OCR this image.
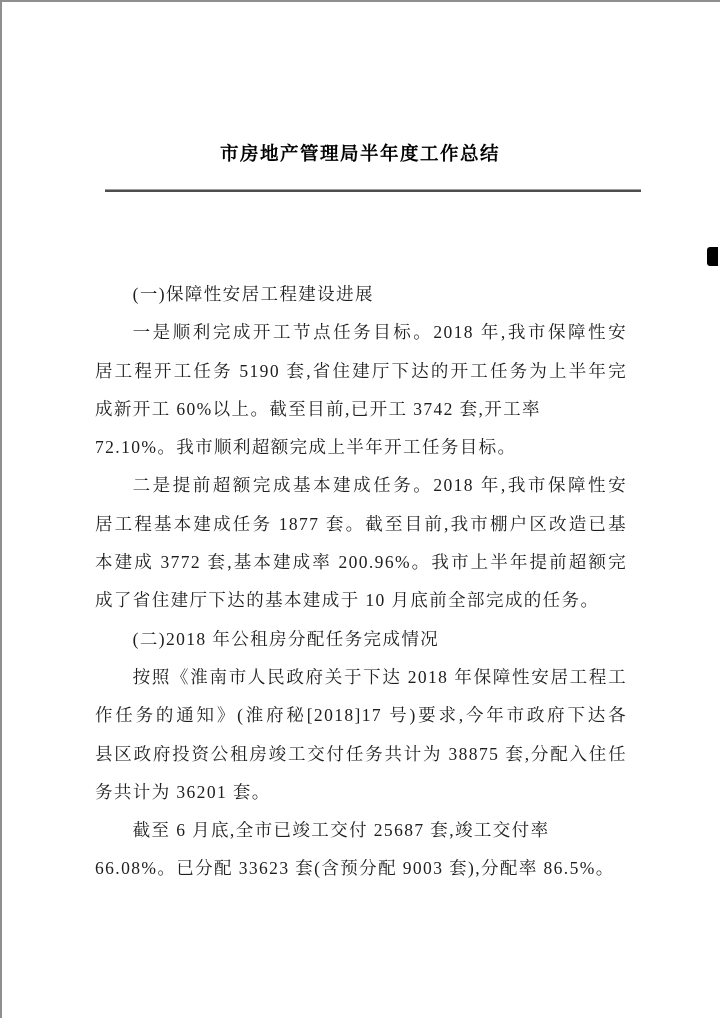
市房地产管理局半年度工作总结
(一)保障性安居工程建设进展
一是顺利完成开工节点任务目标。2018 年,我市保障性安
居工程开工任务 5190 套,省住建厅下达的开工任务为上半年完
成新开工 60%以上。截至目前,已开工 3742 套,开工率
72.10%。我市顺利超额完成上半年开工任务目标。
二是提前超额完成基本建成任务。2018 年,我市保障性安
居工程基本建成任务 1877 套。截至目前,我市棚户区改造已基
本建成 3772 套,基本建成率 200.96%。我市上半年提前超额完
成了省住建厅下达的基本建成于 10 月底前全部完成的任务。
(二)2018 年公租房分配任务完成情况
按照《淮南市人民政府关于下达 2018 年保障性安居工程工
作任务的通知》(淮府秘[2018]17 号)要求,今年市政府下达各
县区政府投资公租房竣工交付任务共计为 38875 套,分配入住任
务共计为 36201 套。
截至 6 月底,全市已竣工交付 25687 套,竣工交付率
66.08%。已分配 33623 套(含预分配 9003 套),分配率 86.5%。
